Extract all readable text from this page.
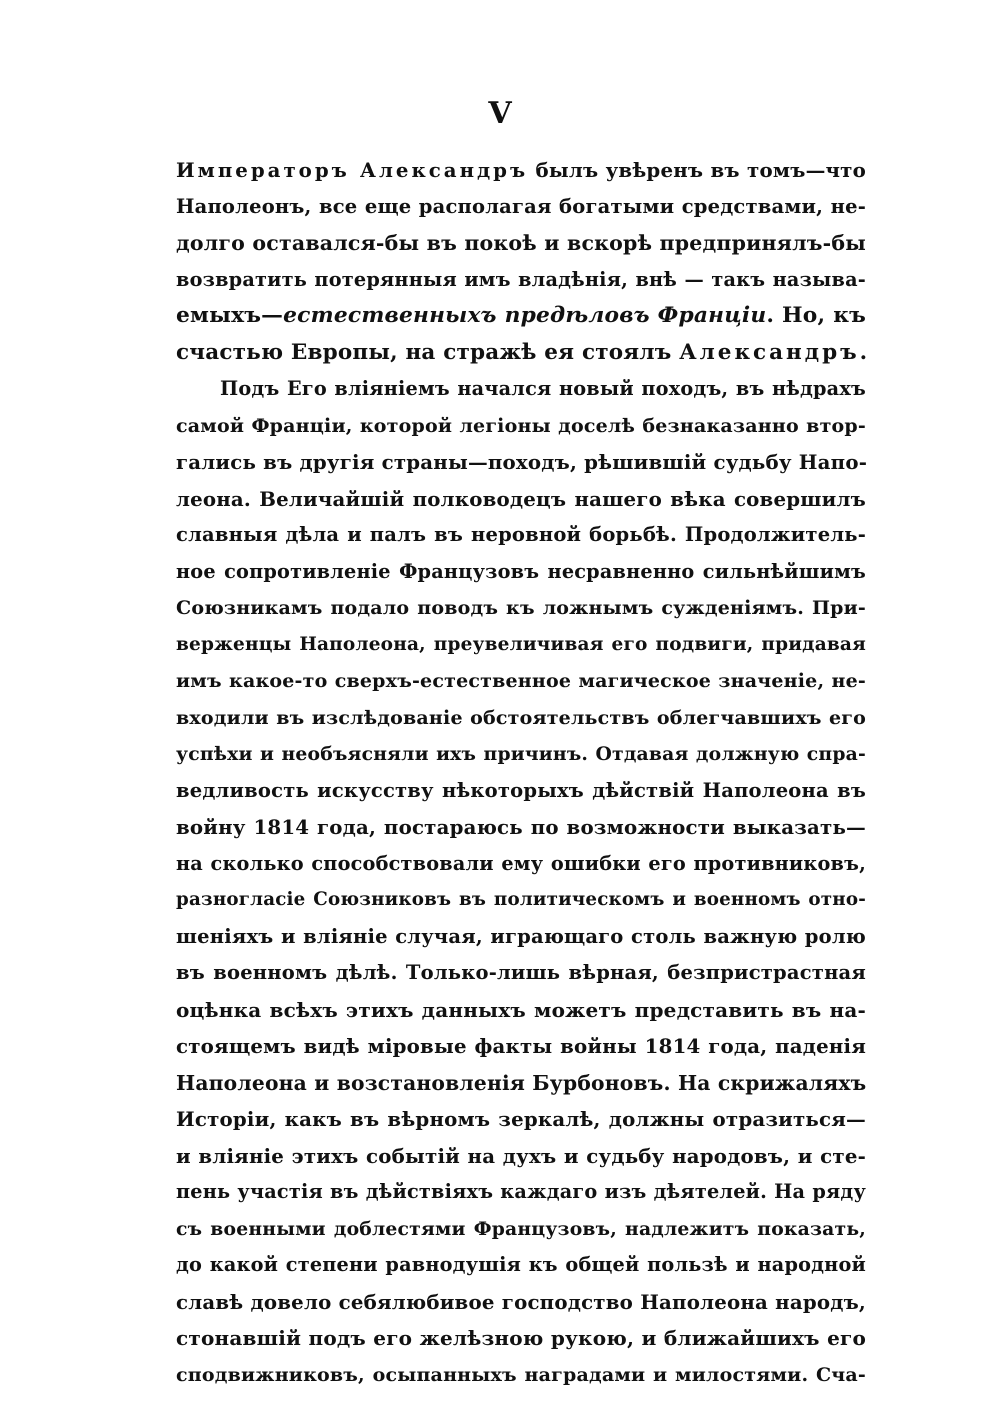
V
Императоръ Александръ былъ увѣренъ въ томъ—что
Наполеонъ, все еще располагая богатыми средствами, не-
долго оставался-бы въ покоѣ и вскорѣ предпринялъ-бы
возвратить потерянныя имъ владѣнія, внѣ — такъ называ-
емыхъ—естественныхъ предѣловъ Франціи. Но, къ
счастью Европы, на стражѣ ея стоялъ Александръ.
Подъ Его вліяніемъ начался новый походъ, въ нѣдрахъ
самой Франціи, которой легіоны доселѣ безнаказанно втор-
гались въ другія страны—походъ, рѣшившій судьбу Напо-
леона. Величайшій полководецъ нашего вѣка совершилъ
славныя дѣла и палъ въ неровной борьбѣ. Продолжитель-
ное сопротивленіе Французовъ несравненно сильнѣйшимъ
Союзникамъ подало поводъ къ ложнымъ сужденіямъ. При-
верженцы Наполеона, преувеличивая его подвиги, придавая
имъ какое-то сверхъ-естественное магическое значеніе, не-
входили въ изслѣдованіе обстоятельствъ облегчавшихъ его
успѣхи и необъясняли ихъ причинъ. Отдавая должную спра-
ведливость искусству нѣкоторыхъ дѣйствій Наполеона въ
войну 1814 года, постараюсь по возможности выказать—
на сколько способствовали ему ошибки его противниковъ,
разногласіе Союзниковъ въ политическомъ и военномъ отно-
шеніяхъ и вліяніе случая, играющаго столь важную ролю
въ военномъ дѣлѣ. Только-лишь вѣрная, безпристрастная
оцѣнка всѣхъ этихъ данныхъ можетъ представить въ на-
стоящемъ видѣ міровые факты войны 1814 года, паденія
Наполеона и возстановленія Бурбоновъ. На скрижаляхъ
Исторіи, какъ въ вѣрномъ зеркалѣ, должны отразиться—
и вліяніе этихъ событій на духъ и судьбу народовъ, и сте-
пень участія въ дѣйствіяхъ каждаго изъ дѣятелей. На ряду
съ военными доблестями Французовъ, надлежитъ показать,
до какой степени равнодушія къ общей пользѣ и народной
славѣ довело себялюбивое господство Наполеона народъ,
стонавшій подъ его желѣзною рукою, и ближайшихъ его
сподвижниковъ, осыпанныхъ наградами и милостями. Сча-
